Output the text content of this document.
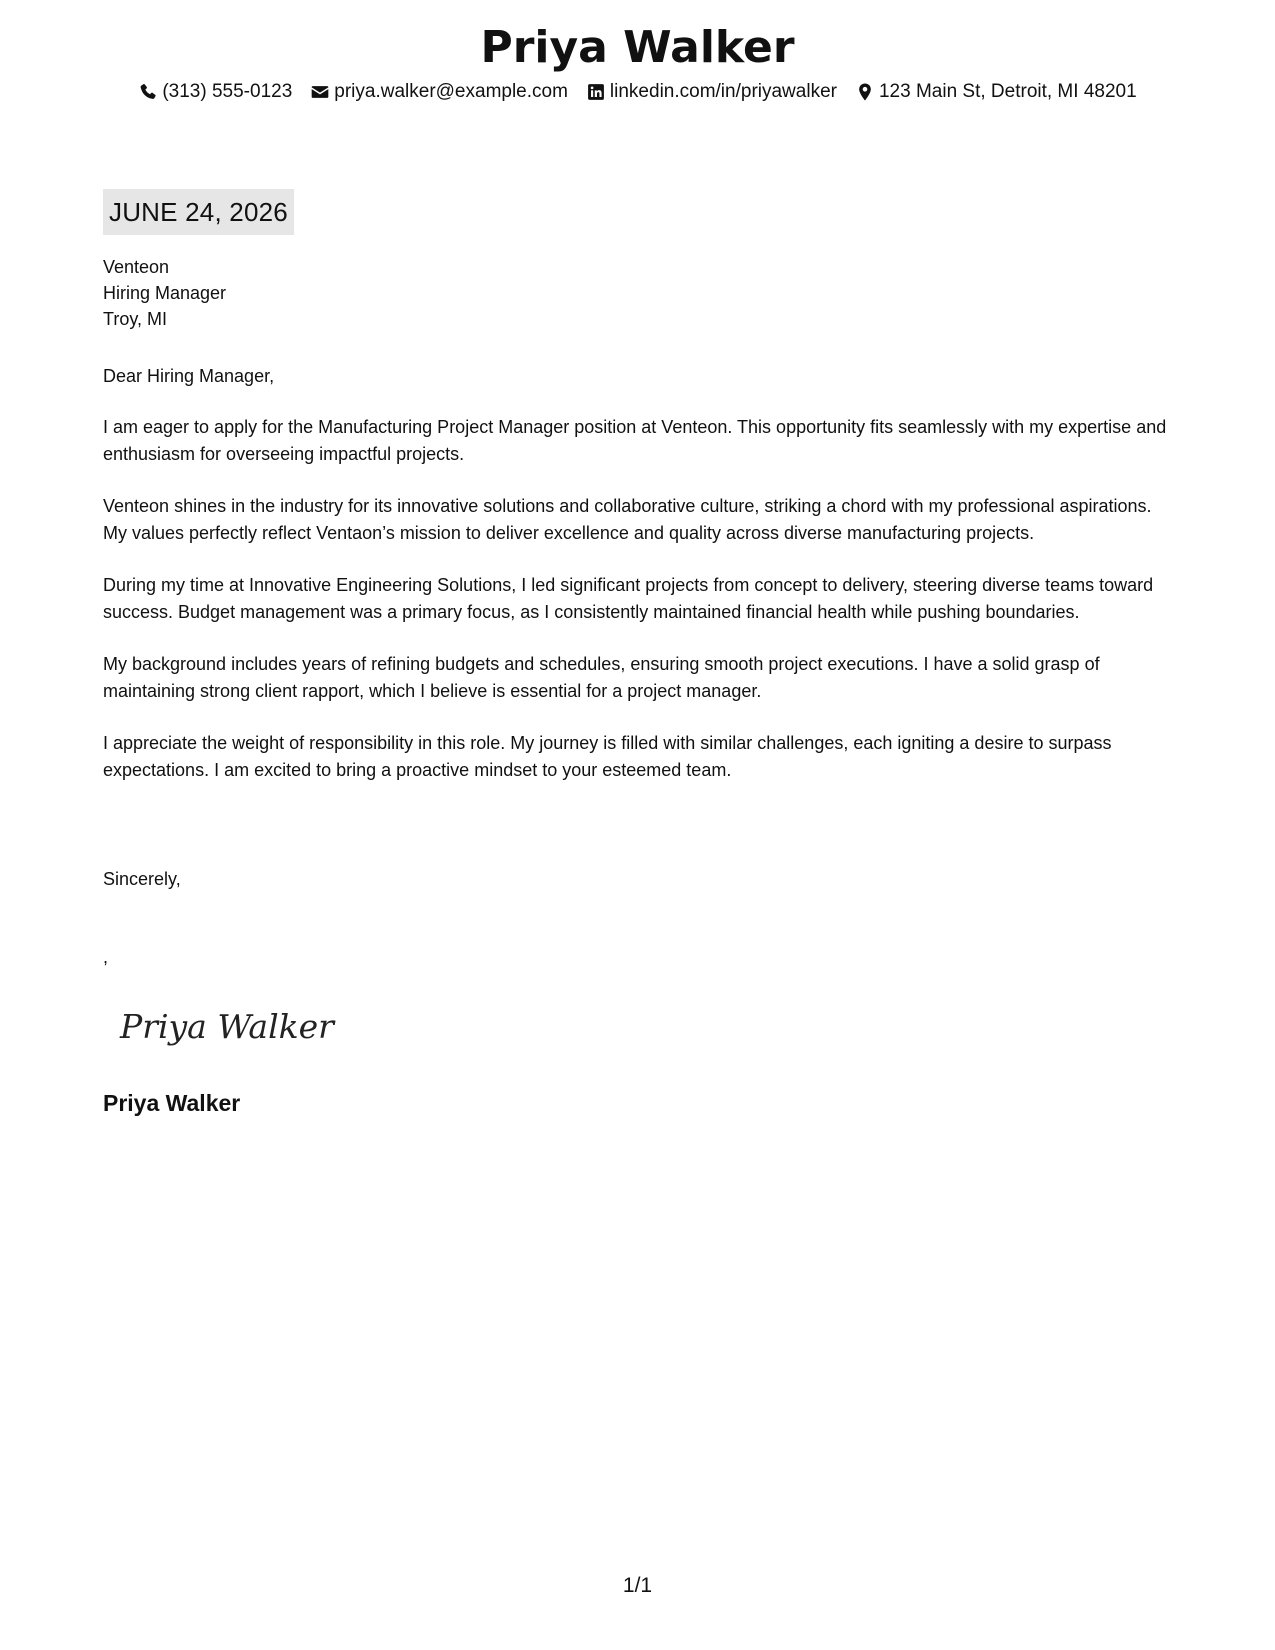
Priya Walker
(313) 555-0123 priya.walker@example.com linkedin.com/in/priyawalker 123 Main St, Detroit, MI 48201
JUNE 24, 2026
Venteon
Hiring Manager
Troy, MI
Dear Hiring Manager,

I am eager to apply for the Manufacturing Project Manager position at Venteon. This opportunity fits seamlessly with my expertise and enthusiasm for overseeing impactful projects.

Venteon shines in the industry for its innovative solutions and collaborative culture, striking a chord with my professional aspirations. My values perfectly reflect Ventaon’s mission to deliver excellence and quality across diverse manufacturing projects.

During my time at Innovative Engineering Solutions, I led significant projects from concept to delivery, steering diverse teams toward success. Budget management was a primary focus, as I consistently maintained financial health while pushing boundaries.

My background includes years of refining budgets and schedules, ensuring smooth project executions. I have a solid grasp of maintaining strong client rapport, which I believe is essential for a project manager.

I appreciate the weight of responsibility in this role. My journey is filled with similar challenges, each igniting a desire to surpass expectations. I am excited to bring a proactive mindset to your esteemed team.

Sincerely,
,
Priya Walker
Priya Walker
1/1
